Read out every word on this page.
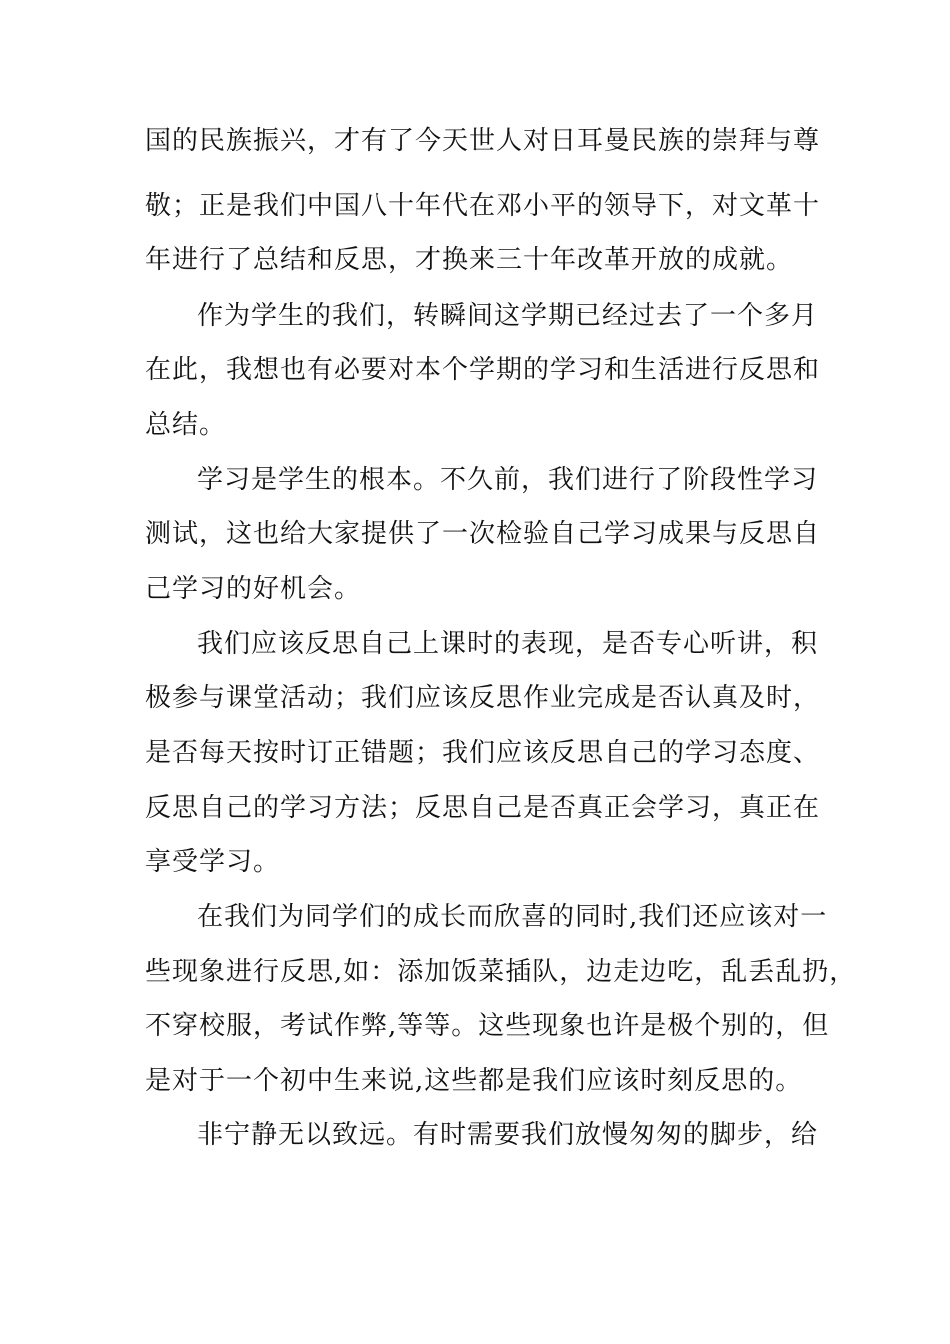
国的民族振兴，才有了今天世人对日耳曼民族的崇拜与尊
敬；正是我们中国八十年代在邓小平的领导下，对文革十
年进行了总结和反思，才换来三十年改革开放的成就。
作为学生的我们，转瞬间这学期已经过去了一个多月
在此，我想也有必要对本个学期的学习和生活进行反思和
总结。
学习是学生的根本。不久前，我们进行了阶段性学习
测试，这也给大家提供了一次检验自己学习成果与反思自
己学习的好机会。
我们应该反思自己上课时的表现，是否专心听讲，积
极参与课堂活动；我们应该反思作业完成是否认真及时，
是否每天按时订正错题；我们应该反思自己的学习态度、
反思自己的学习方法；反思自己是否真正会学习，真正在
享受学习。
在我们为同学们的成长而欣喜的同时,我们还应该对一
些现象进行反思,如：添加饭菜插队，边走边吃，乱丢乱扔，
不穿校服，考试作弊,等等。这些现象也许是极个别的，但
是对于一个初中生来说,这些都是我们应该时刻反思的。
非宁静无以致远。有时需要我们放慢匆匆的脚步，给
